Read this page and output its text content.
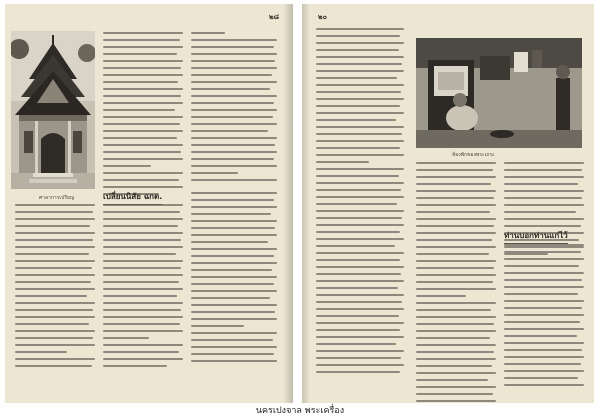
๒๘
ศาลาการเปรียญ	เปลี่ยนนิสัย ฉกต.
๒๐
ห้องพักของพระเถระ
ท่านบอกท่านแก่ไว้
นครเปงจาล พระเครื่อง
